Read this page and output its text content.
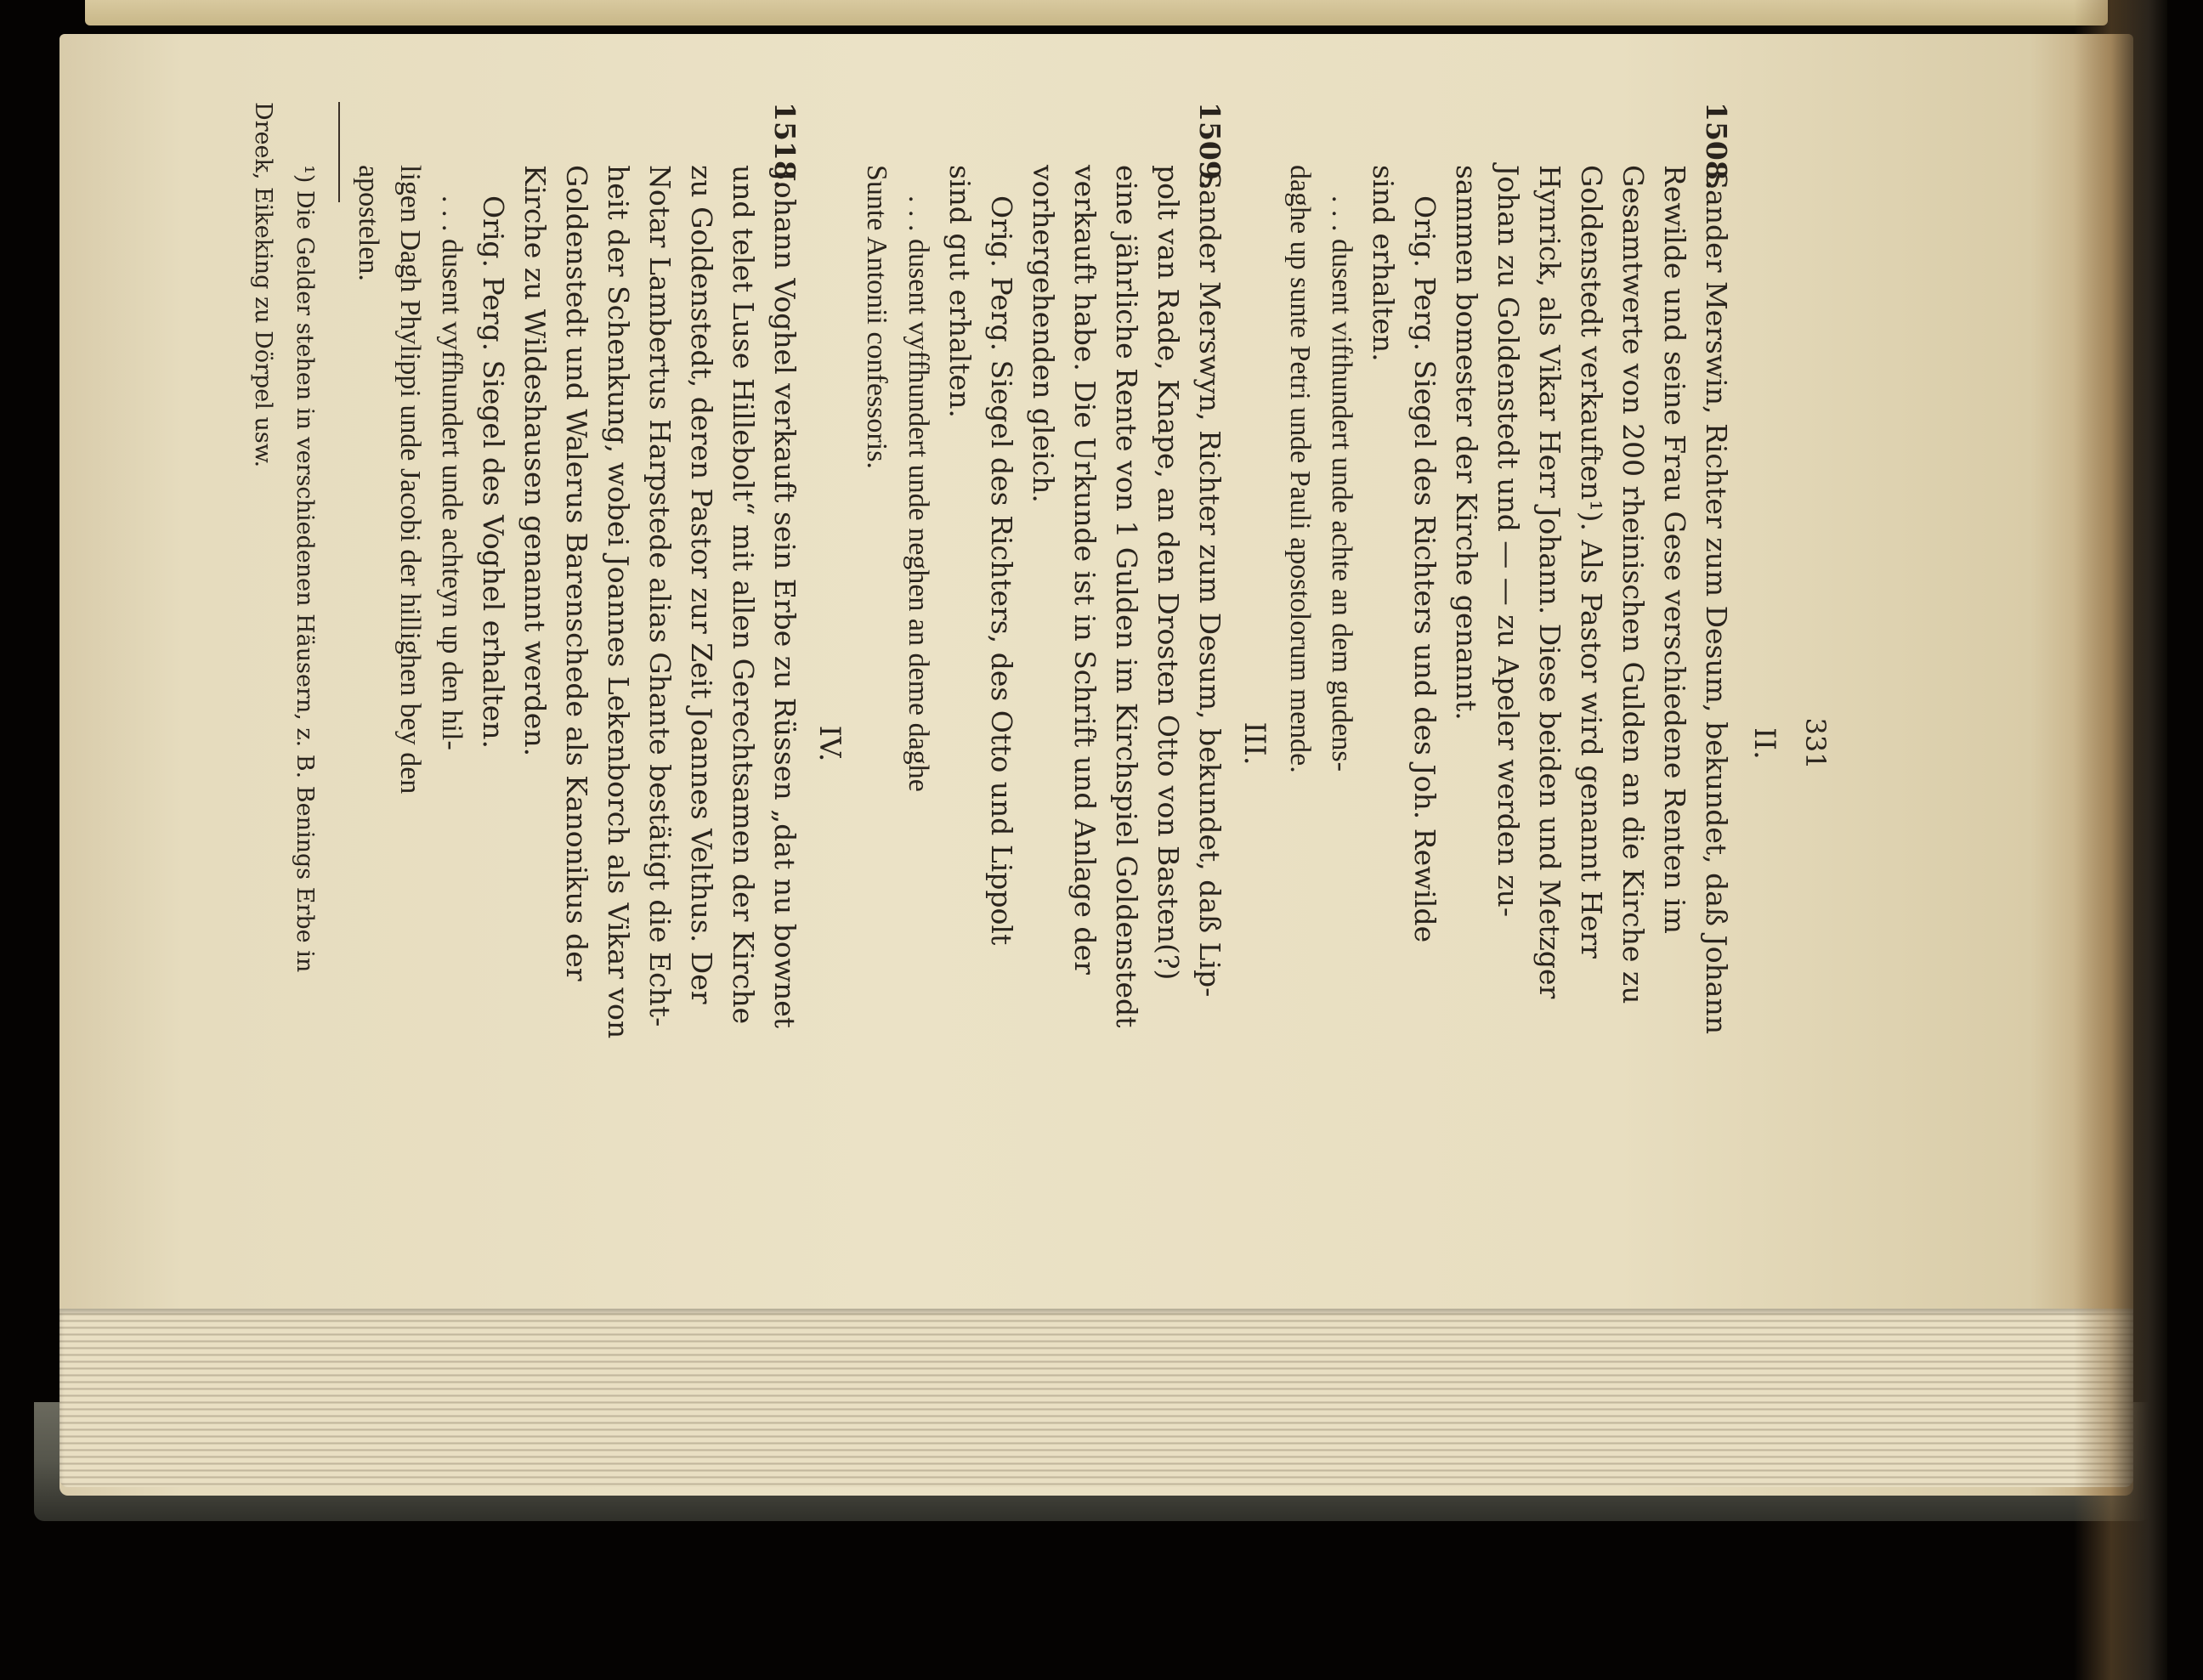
331
II.
1508. Sander Merswin, Richter zum Desum, bekundet, daß Johann
Rewilde und seine Frau Gese verschiedene Renten im
Gesamtwerte von 200 rheinischen Gulden an die Kirche zu
Goldenstedt verkauften¹). Als Pastor wird genannt Herr
Hynrick, als Vikar Herr Johann. Diese beiden und Metzger
Johan zu Goldenstedt und — — zu Apeler werden zu-
sammen bomester der Kirche genannt.
Orig. Perg. Siegel des Richters und des Joh. Rewilde
sind erhalten.
. . . dusent vifthundert unde achte an dem gudens-
daghe up sunte Petri unde Pauli apostolorum mende.
III.
1509. Sander Merswyn, Richter zum Desum, bekundet, daß Lip-
polt van Rade, Knape, an den Drosten Otto von Basten(?)
eine jährliche Rente von 1 Gulden im Kirchspiel Goldenstedt
verkauft habe. Die Urkunde ist in Schrift und Anlage der
vorhergehenden gleich.
Orig. Perg. Siegel des Richters, des Otto und Lippolt
sind gut erhalten.
. . . dusent vyffhundert unde neghen an deme daghe
Sunte Antonii confessoris.
IV.
1518. Johann Voghel verkauft sein Erbe zu Rüssen „dat nu bownet
und telet Luse Hillebolt“ mit allen Gerechtsamen der Kirche
zu Goldenstedt, deren Pastor zur Zeit Joannes Velthus. Der
Notar Lambertus Harpstede alias Ghante bestätigt die Echt-
heit der Schenkung, wobei Joannes Lekenborch als Vikar von
Goldenstedt und Walerus Barenschede als Kanonikus der
Kirche zu Wildeshausen genannt werden.
Orig. Perg. Siegel des Voghel erhalten.
. . . dusent vyffhundert unde achteyn up den hil-
ligen Dagh Phylippi unde Jacobi der hillighen bey den
apostelen.
¹) Die Gelder stehen in verschiedenen Häusern, z. B. Benings Erbe in
Dreek, Eikeking zu Dörpel usw.
